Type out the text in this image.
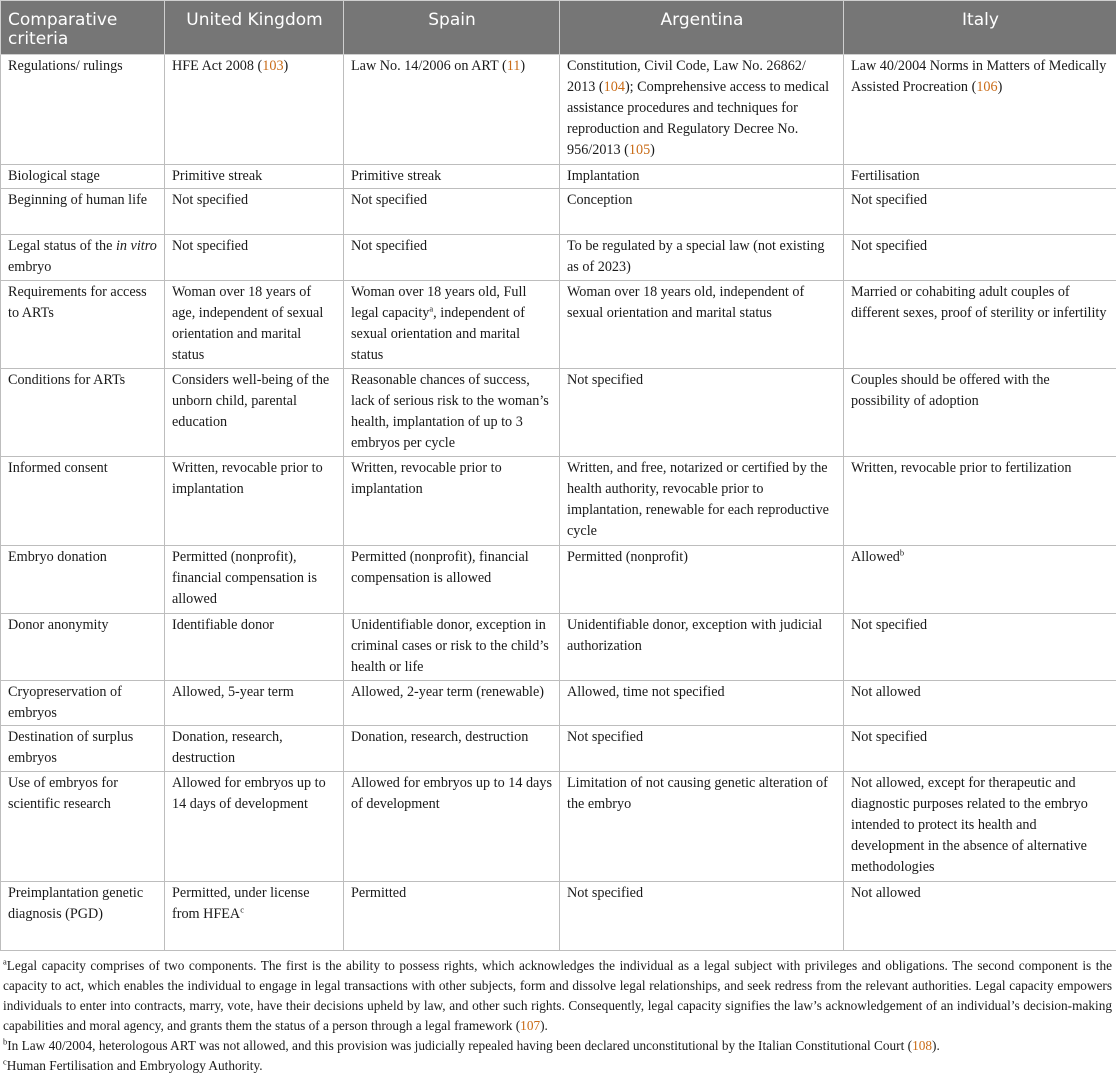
Comparative criteria	United Kingdom	Spain	Argentina	Italy
Regulations/ rulings	HFE Act 2008 (103)	Law No. 14/2006 on ART (11)	Constitution, Civil Code, Law No. 26862/ 2013 (104); Comprehensive access to medical assistance procedures and techniques for reproduction and Regulatory Decree No. 956/2013 (105)	Law 40/2004 Norms in Matters of Medically Assisted Procreation (106)
Biological stage	Primitive streak	Primitive streak	Implantation	Fertilisation
Beginning of human life	Not specified	Not specified	Conception	Not specified
Legal status of the in vitro embryo	Not specified	Not specified	To be regulated by a special law (not existing as of 2023)	Not specified
Requirements for access to ARTs	Woman over 18 years of age, independent of sexual orientation and marital status	Woman over 18 years old, Full legal capacity$^a$, independent of sexual orientation and marital status	Woman over 18 years old, independent of sexual orientation and marital status	Married or cohabiting adult couples of different sexes, proof of sterility or infertility
Conditions for ARTs	Considers well-being of the unborn child, parental education	Reasonable chances of success, lack of serious risk to the woman’s health, implantation of up to 3 embryos per cycle	Not specified	Couples should be offered with the possibility of adoption
Informed consent	Written, revocable prior to implantation	Written, revocable prior to implantation	Written, and free, notarized or certified by the health authority, revocable prior to implantation, renewable for each reproductive cycle	Written, revocable prior to fertilization
Embryo donation	Permitted (nonprofit), financial compensation is allowed	Permitted (nonprofit), financial compensation is allowed	Permitted (nonprofit)	Allowed$^b$
Donor anonymity	Identifiable donor	Unidentifiable donor, exception in criminal cases or risk to the child’s health or life	Unidentifiable donor, exception with judicial authorization	Not specified
Cryopreservation of embryos	Allowed, 5-year term	Allowed, 2-year term (renewable)	Allowed, time not specified	Not allowed
Destination of surplus embryos	Donation, research, destruction	Donation, research, destruction	Not specified	Not specified
Use of embryos for scientific research	Allowed for embryos up to 14 days of development	Allowed for embryos up to 14 days of development	Limitation of not causing genetic alteration of the embryo	Not allowed, except for therapeutic and diagnostic purposes related to the embryo intended to protect its health and development in the absence of alternative methodologies
Preimplantation genetic diagnosis (PGD)	Permitted, under license from HFEA$^c$	Permitted	Not specified	Not allowed

$^a$Legal capacity comprises of two components. The first is the ability to possess rights, which acknowledges the individual as a legal subject with privileges and obligations. The second component is the capacity to act, which enables the individual to engage in legal transactions with other subjects, form and dissolve legal relationships, and seek redress from the relevant authorities. Legal capacity empowers individuals to enter into contracts, marry, vote, have their decisions upheld by law, and other such rights. Consequently, legal capacity signifies the law’s acknowledgement of an individual’s decision-making capabilities and moral agency, and grants them the status of a person through a legal framework (107).

$^b$In Law 40/2004, heterologous ART was not allowed, and this provision was judicially repealed having been declared unconstitutional by the Italian Constitutional Court (108).

$^c$Human Fertilisation and Embryology Authority.
